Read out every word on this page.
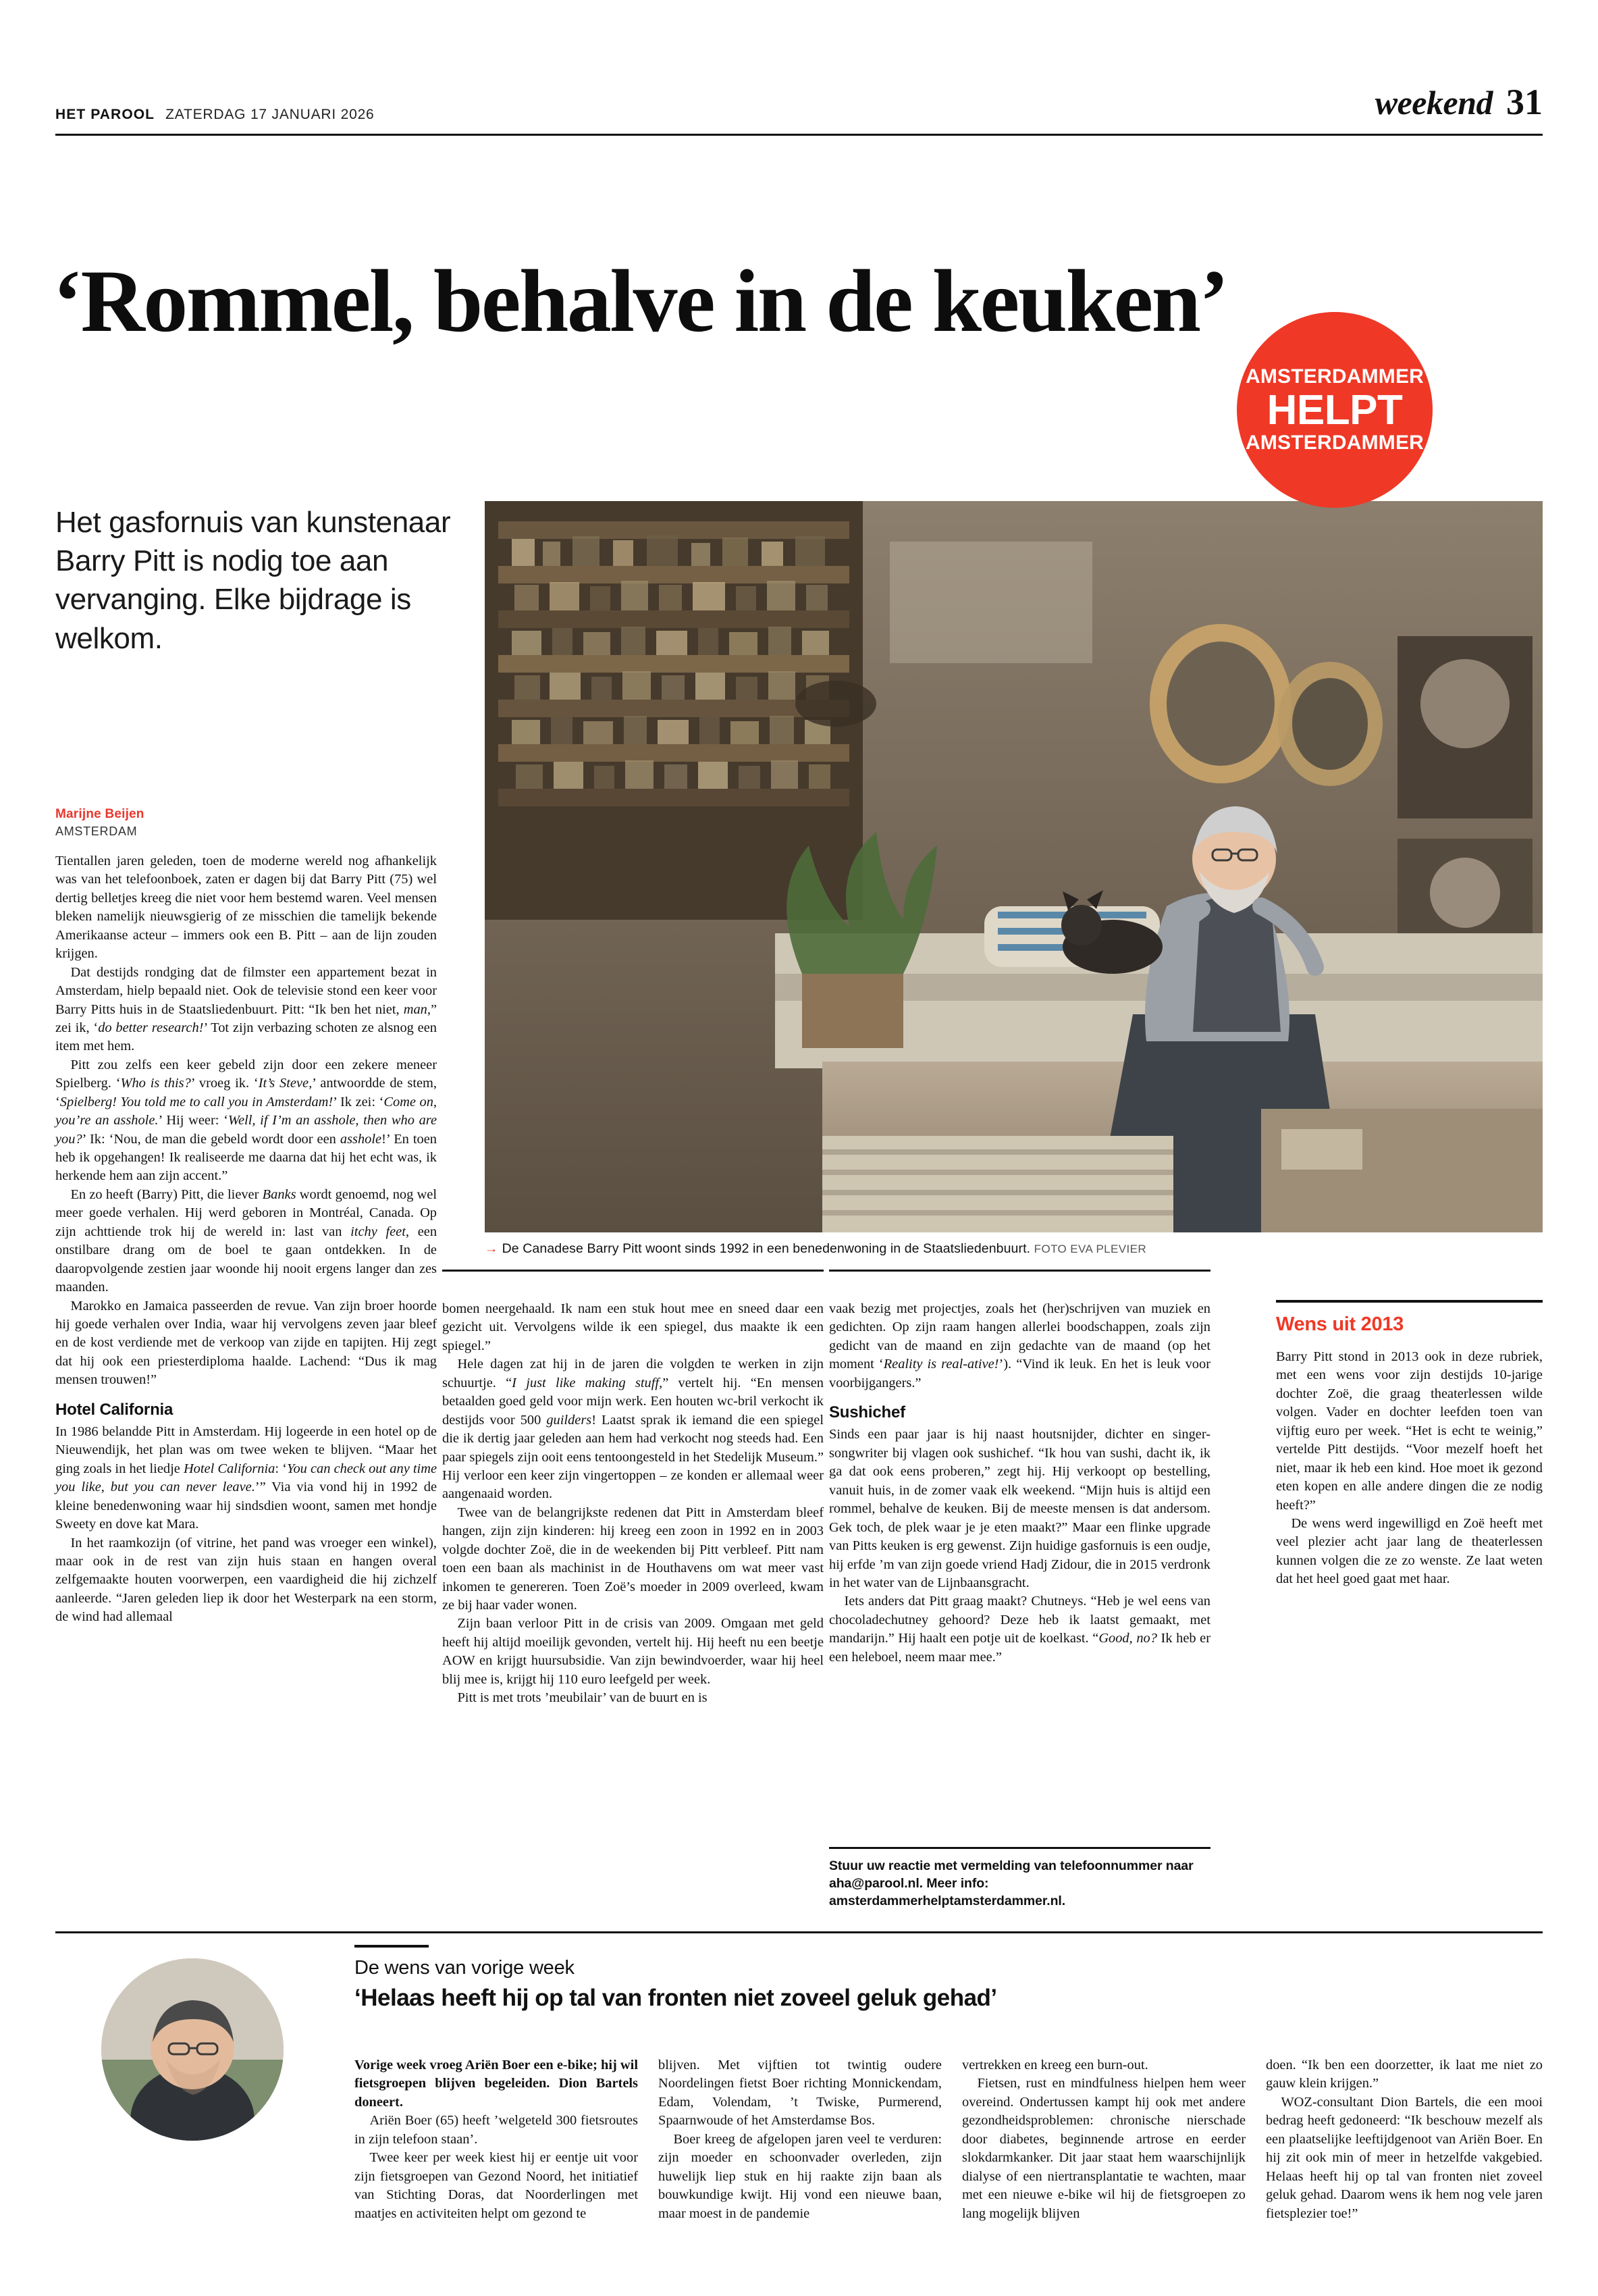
HET PAROOL ZATERDAG 17 JANUARI 2026	weekend 31
‘Rommel, behalve in de keuken’
Het gasfornuis van kunstenaar Barry Pitt is nodig toe aan vervanging. Elke bijdrage is welkom.
Marijne Beijen
AMSTERDAM
AMSTERDAMMER
HELPT
AMSTERDAMMER
→ De Canadese Barry Pitt woont sinds 1992 in een benedenwoning in de Staatsliedenbuurt. FOTO EVA PLEVIER

Tientallen jaren geleden, toen de moderne wereld nog afhankelijk was van het telefoonboek, zaten er dagen bij dat Barry Pitt (75) wel dertig belletjes kreeg die niet voor hem bestemd waren. Veel mensen bleken namelijk nieuwsgierig of ze misschien die tamelijk bekende Amerikaanse acteur – immers ook een B. Pitt – aan de lijn zouden krijgen.

Dat destijds rondging dat de filmster een appartement bezat in Amsterdam, hielp bepaald niet. Ook de televisie stond een keer voor Barry Pitts huis in de Staatsliedenbuurt. Pitt: “Ik ben het niet, man,” zei ik, ‘do better research!’ Tot zijn verbazing schoten ze alsnog een item met hem.

Pitt zou zelfs een keer gebeld zijn door een zekere meneer Spielberg. ‘Who is this?’ vroeg ik. ‘It’s Steve,’ antwoordde de stem, ‘Spielberg! You told me to call you in Amsterdam!’ Ik zei: ‘Come on, you’re an asshole.’ Hij weer: ‘Well, if I’m an asshole, then who are you?’ Ik: ‘Nou, de man die gebeld wordt door een asshole!’ En toen heb ik opgehangen! Ik realiseerde me daarna dat hij het echt was, ik herkende hem aan zijn accent.”

En zo heeft (Barry) Pitt, die liever Banks wordt genoemd, nog wel meer goede verhalen. Hij werd geboren in Montréal, Canada. Op zijn achttiende trok hij de wereld in: last van itchy feet, een onstilbare drang om de boel te gaan ontdekken. In de daaropvolgende zestien jaar woonde hij nooit ergens langer dan zes maanden.

Marokko en Jamaica passeerden de revue. Van zijn broer hoorde hij goede verhalen over India, waar hij vervolgens zeven jaar bleef en de kost verdiende met de verkoop van zijde en tapijten. Hij zegt dat hij ook een priesterdiploma haalde. Lachend: “Dus ik mag mensen trouwen!”

Hotel California

In 1986 belandde Pitt in Amsterdam. Hij logeerde in een hotel op de Nieuwendijk, het plan was om twee weken te blijven. “Maar het ging zoals in het liedje Hotel California: ‘You can check out any time you like, but you can never leave.’” Via via vond hij in 1992 de kleine benedenwoning waar hij sindsdien woont, samen met hondje Sweety en dove kat Mara.

In het raamkozijn (of vitrine, het pand was vroeger een winkel), maar ook in de rest van zijn huis staan en hangen overal zelfgemaakte houten voorwerpen, een vaardigheid die hij zichzelf aanleerde. “Jaren geleden liep ik door het Westerpark na een storm, de wind had allemaal

bomen neergehaald. Ik nam een stuk hout mee en sneed daar een gezicht uit. Vervolgens wilde ik een spiegel, dus maakte ik een spiegel.”

Hele dagen zat hij in de jaren die volgden te werken in zijn schuurtje. “I just like making stuff,” vertelt hij. “En mensen betaalden goed geld voor mijn werk. Een houten wc-bril verkocht ik destijds voor 500 guilders! Laatst sprak ik iemand die een spiegel die ik dertig jaar geleden aan hem had verkocht nog steeds had. Een paar spiegels zijn ooit eens tentoongesteld in het Stedelijk Museum.” Hij verloor een keer zijn vingertoppen – ze konden er allemaal weer aangenaaid worden.

Twee van de belangrijkste redenen dat Pitt in Amsterdam bleef hangen, zijn zijn kinderen: hij kreeg een zoon in 1992 en in 2003 volgde dochter Zoë, die in de weekenden bij Pitt verbleef. Pitt nam toen een baan als machinist in de Houthavens om wat meer vast inkomen te genereren. Toen Zoë’s moeder in 2009 overleed, kwam ze bij haar vader wonen.

Zijn baan verloor Pitt in de crisis van 2009. Omgaan met geld heeft hij altijd moeilijk gevonden, vertelt hij. Hij heeft nu een beetje AOW en krijgt huursubsidie. Van zijn bewindvoerder, waar hij heel blij mee is, krijgt hij 110 euro leefgeld per week.

Pitt is met trots ’meubilair’ van de buurt en is

vaak bezig met projectjes, zoals het (her)schrijven van muziek en gedichten. Op zijn raam hangen allerlei boodschappen, zoals zijn gedicht van de maand en zijn gedachte van de maand (op het moment ‘Reality is real-ative!’). “Vind ik leuk. En het is leuk voor voorbijgangers.”

Sushichef

Sinds een paar jaar is hij naast houtsnijder, dichter en singer-songwriter bij vlagen ook sushichef. “Ik hou van sushi, dacht ik, ik ga dat ook eens proberen,” zegt hij. Hij verkoopt op bestelling, vanuit huis, in de zomer vaak elk weekend. “Mijn huis is altijd een rommel, behalve de keuken. Bij de meeste mensen is dat andersom. Gek toch, de plek waar je je eten maakt?” Maar een flinke upgrade van Pitts keuken is erg gewenst. Zijn huidige gasfornuis is een oudje, hij erfde ’m van zijn goede vriend Hadj Zidour, die in 2015 verdronk in het water van de Lijnbaansgracht.

Iets anders dat Pitt graag maakt? Chutneys. “Heb je wel eens van chocoladechutney gehoord? Deze heb ik laatst gemaakt, met mandarijn.” Hij haalt een potje uit de koelkast. “Good, no? Ik heb er een heleboel, neem maar mee.”

Stuur uw reactie met vermelding van telefoonnummer naar aha@parool.nl. Meer info: amsterdammerhelptamsterdammer.nl.
Wens uit 2013

Barry Pitt stond in 2013 ook in deze rubriek, met een wens voor zijn destijds 10-jarige dochter Zoë, die graag theaterlessen wilde volgen. Vader en dochter leefden toen van vijftig euro per week. “Het is echt te weinig,” vertelde Pitt destijds. “Voor mezelf hoeft het niet, maar ik heb een kind. Hoe moet ik gezond eten kopen en alle andere dingen die ze nodig heeft?”

De wens werd ingewilligd en Zoë heeft met veel plezier acht jaar lang de theaterlessen kunnen volgen die ze zo wenste. Ze laat weten dat het heel goed gaat met haar.

De wens van vorige week
‘Helaas heeft hij op tal van fronten niet zoveel geluk gehad’

Vorige week vroeg Ariën Boer een e-bike; hij wil fietsgroepen blijven begeleiden. Dion Bartels doneert.

Ariën Boer (65) heeft ’welgeteld 300 fietsroutes in zijn telefoon staan’.

Twee keer per week kiest hij er eentje uit voor zijn fietsgroepen van Gezond Noord, het initiatief van Stichting Doras, dat Noorderlingen met maatjes en activiteiten helpt om gezond te

blijven. Met vijftien tot twintig oudere Noordelingen fietst Boer richting Monnickendam, Edam, Volendam, ’t Twiske, Purmerend, Spaarnwoude of het Amsterdamse Bos.

Boer kreeg de afgelopen jaren veel te verduren: zijn moeder en schoonvader overleden, zijn huwelijk liep stuk en hij raakte zijn baan als bouwkundige kwijt. Hij vond een nieuwe baan, maar moest in de pandemie

vertrekken en kreeg een burn-out.

Fietsen, rust en mindfulness hielpen hem weer overeind. Ondertussen kampt hij ook met andere gezondheidsproblemen: chronische nierschade door diabetes, beginnende artrose en eerder slokdarmkanker. Dit jaar staat hem waarschijnlijk dialyse of een niertransplantatie te wachten, maar met een nieuwe e-bike wil hij de fietsgroepen zo lang mogelijk blijven

doen. “Ik ben een doorzetter, ik laat me niet zo gauw klein krijgen.”

WOZ-consultant Dion Bartels, die een mooi bedrag heeft gedoneerd: “Ik beschouw mezelf als een plaatselijke leeftijdgenoot van Ariën Boer. En hij zit ook min of meer in hetzelfde vakgebied. Helaas heeft hij op tal van fronten niet zoveel geluk gehad. Daarom wens ik hem nog vele jaren fietsplezier toe!”
